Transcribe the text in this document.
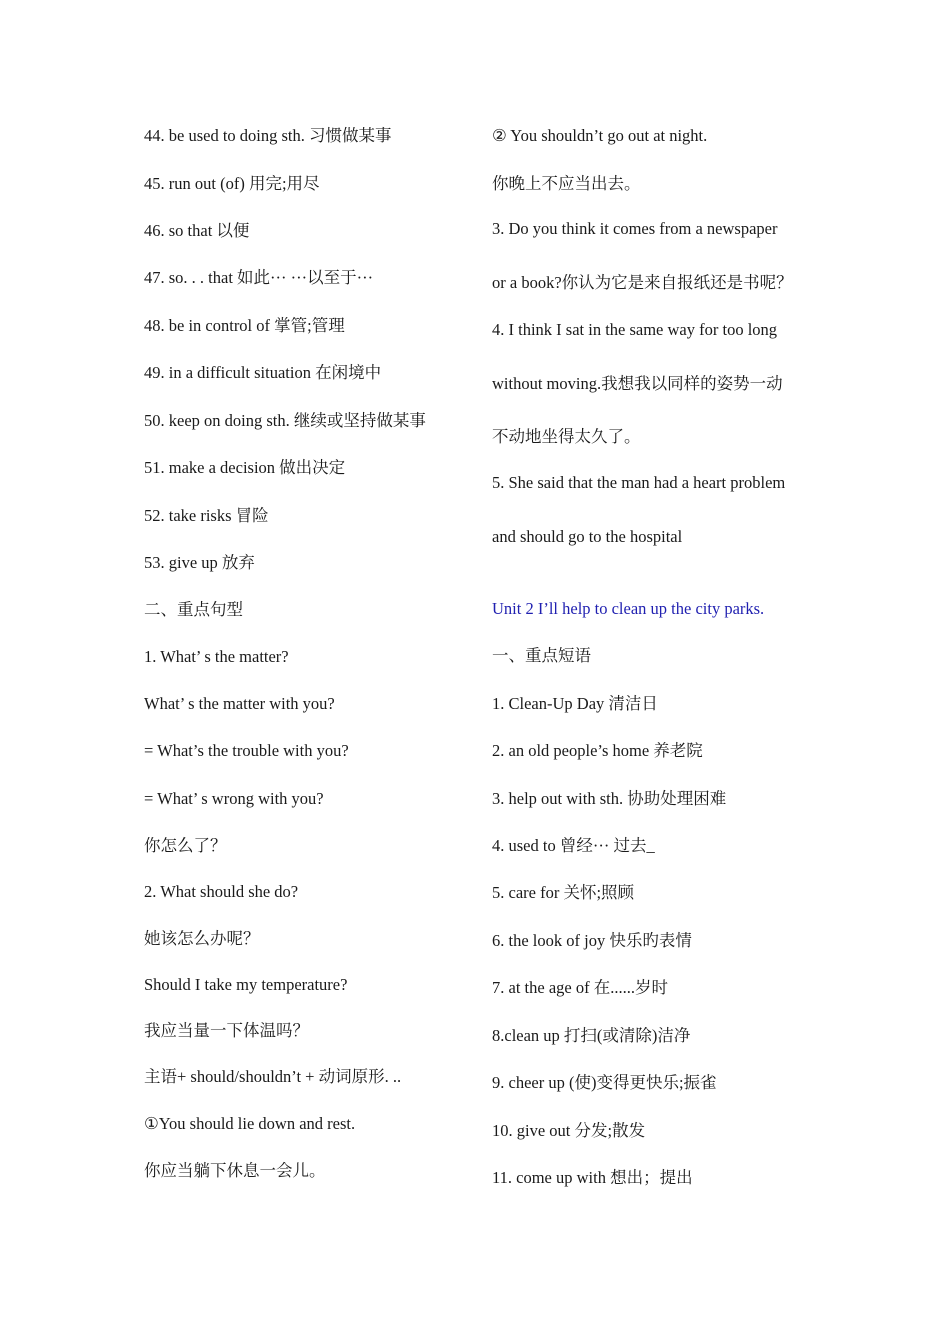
44. be used to doing sth. 习惯做某事
45. run out (of) 用完;用尽
46. so that 以便
47. so. . . that 如此··· ···以至于···
48. be in control of 掌管;管理
49. in a difficult situation 在闲境中
50. keep on doing sth. 继续或坚持做某事
51. make a decision 做出决定
52. take risks 冒险
53. give up 放弃
二、重点句型
1. What’ s the matter?
What’ s the matter with you?
= What’s the trouble with you?
= What’ s wrong with you?
你怎么了？
2. What should she do?
她该怎么办呢？
Should I take my temperature?
我应当量一下体温吗？
主语+ should/shouldn’t + 动词原形. ..
①You should lie down and rest.
你应当躺下休息一会儿。
② You shouldn’t go out at night.
你晚上不应当出去。
3. Do you think it comes from a newspaper
or a book?你认为它是来自报纸还是书呢？
4. I think I sat in the same way for too long
without moving.我想我以同样的姿势一动
不动地坐得太久了。
5. She said that the man had a heart problem
and should go to the hospital
Unit 2 I’ll help to clean up the city parks.
一、重点短语
1. Clean-Up Day 清洁日
2. an old people’s home 养老院
3. help out with sth. 协助处理困难
4. used to 曾经··· 过去_
5. care for 关怀;照顾
6. the look of joy 快乐旳表情
7. at the age of 在......岁时
8.clean up 打扫(或清除)洁净
9. cheer up (使)变得更快乐;振雀
10. give out 分发;散发
11. come up with 想出；提出
